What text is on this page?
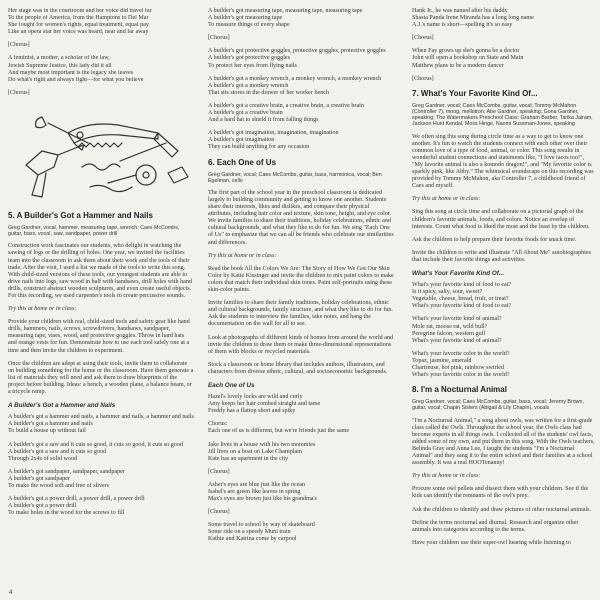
Her stage was in the courtroom and her voice did travel far
To the people of America, from the Hamptons to Del Mar
She fought for women's rights, equal treatment, equal pay
Like an opera star her voice was heard, near and far away
[Chorus]
A feminist, a mother, a scholar of the law,
Jewish Supreme Justice, this lady did it all
And maybe most important is the legacy she leaves
Do what's right and always fight—for what you believe
[Chorus]
5. A Builder's Got a Hammer and Nails
Greg Gardner, vocal, hammer, measuring tape, wrench; Caes McCombs, guitar, bass, vocal, saw, sandpaper, power drill

Construction work fascinates our students, who delight in watching the sawing of logs or the drilling of holes. One year, we invited the facilities team into the classroom to ask them about their work and the tools of their trade. After the visit, I used a list we made of the tools to write this song. With child-sized versions of these tools, our youngest students are able to drive nails into logs, saw wood in half with handsaws, drill holes with hand drills, construct abstract wooden sculptures, and even create useful objects. For this recording, we used carpenter's tools to create percussive sounds.

Try this at home or in class:

Provide your children with real, child-sized tools and safety gear like hand drills, hammers, nails, screws, screwdrivers, handsaws, sandpaper, measuring tape, vises, wood, and protective goggles. Throw in hard hats and orange vests for fun. Demonstrate how to use each tool safely one at a time and then invite the children to experiment.

Once the children are adept at using their tools, invite them to collaborate on building something for the home or the classroom. Have them generate a list of materials they will need and ask them to draw blueprints of the project before building. Ideas: a bench, a wooden plane, a balance beam, or a tricycle ramp.

A Builder's Got a Hammer and Nails
A builder's got a hammer and nails, a hammer and nails, a hammer and nails
A builder's got a hammer and nails
To build a house up without fail
A builder's got a saw and it cuts so good, it cuts so good, it cuts so good
A builder's got a saw and it cuts so good
Through 2x4s of solid wood
A builder's got sandpaper, sandpaper, sandpaper
A builder's got sandpaper
To make the wood soft and free of slivers
A builder's got a power drill, a power drill, a power drill
A builder's got a power drill
To make holes in the wood for the screws to fill
A builder's got measuring tape, measuring tape, measuring tape
A builder's got measuring tape
To measure things of every shape
[Chorus]
A builder's got protective goggles, protective goggles, protective goggles
A builder's got protective goggles
To protect her eyes from flying nails
A builder's got a monkey wrench, a monkey wrench, a monkey wrench
A builder's got a monkey wrench
That sits stores in the drawer of her worker bench
A builder's got a creative brain, a creative brain, a creative brain
A builder's got a creative brain
And a hard hat to shield it from falling things
A builder's got imagination, imagination, imagination
A builder's got imagination
They can build anything for any occasion
6. Each One of Us
Greg Gardner, vocal; Caes McCombs, guitar, bass, harmonica, vocal; Ben Egelman, cello

The first part of the school year in the preschool classroom is dedicated largely to building community and getting to know one another. Students share their interests, likes and dislikes, and compare their physical attributes, including hair color and texture, skin tone, height, and eye color. We invite families to share their traditions, holiday celebrations, ethnic and cultural backgrounds, and what they like to do for fun. We sing "Each One of Us" to emphasize that we can all be friends who celebrate our similarities and differences.

Try this at home or in class:

Read the book All the Colors We Are: The Story of How We Got Our Skin Color by Katie Kissinger and invite the children to mix paint colors to make colors that match their individual skin tones. Paint self-portraits using these skin-color paints.

Invite families to share their family traditions, holiday celebrations, ethnic and cultural backgrounds, family structure, and what they like to do for fun. Ask the students to interview the families, take notes, and hang the documentation on the wall for all to see.

Look at photographs of different kinds of homes from around the world and invite the children to draw them or make three-dimensional representations of them with blocks or recycled materials.

Stock a classroom or home library that includes authors, illustrators, and characters from diverse ethnic, cultural, and socioeconomic backgrounds.

Each One of Us
Hazel's lovely locks are wild and curly
Amy keeps her hair combed straight and tame
Freddy has a flattop short and spiky
Chorus:
Each one of us is different, but we're friends just the same
Jake lives in a house with his two mommies
Jill lives on a boat on Lake Champlain
Kate has an apartment in the city
[Chorus]
Asher's eyes are blue just like the ocean
Isabel's are green like leaves in spring
Max's eyes are brown just like his grandma's
[Chorus]
Some travel to school by way of skateboard
Some ride on a speedy Muni train
Kathie and Katrina come by carpool
Hank Jr., he was named after his daddy
Shasta Panda Irene Miranda has a long long name
A.J.'s name is short—spelling it's so easy
[Chorus]
When Fay grows up she's gonna be a doctor
John will open a bookshop on State and Main
Matthew plans to be a modern dancer
[Chorus]
7. What's Your Favorite Kind Of...
Greg Gardner, vocal; Caes McCombs, guitar, vocal; Tommy McMahon (Controller 7), moog, mellotron; Abe Gardner, speaking; Gona Gardner, speaking; The Watermakers Preschool Class: Graham Barber, Tarika Jairam, Jackson Hunt Kendal, Moss Hinge, Naomi Sussman-Jones, speaking

We often sing this song during circle time as a way to get to know one another. It's fun to watch the students connect with each other over their common love of a type of food, animal, or color. This song results in wonderful student connections and statements like, "I love tacos too!", "My favorite animal is also a komodo dragon!", and "My favorite color is sparkly pink, like Abby." The whimsical soundscape on this recording was provided by Tommy McMahon, aka Controller 7, a childhood friend of Caes and myself.

Try this at home or in class:

Sing this song at circle time and collaborate on a pictorial graph of the children's favorite animals, foods, and colors. Notice an overlap of interests. Count what food is liked the most and the least by the children.

Ask the children to help prepare their favorite foods for snack time.

Invite the children to write and illustrate "All About Me" autobiographies that include their favorite things and activities.

What's Your Favorite Kind Of...
What's your favorite kind of food to eat?
Is it spicy, salty, sour, sweet?
Vegetable, cheese, bread, fruit, or treat?
What's your favorite kind of food to eat?
What's your favorite kind of animal?
Mole rat, moose rat, wild bull?
Peregrine falcon, western gull
What's your favorite kind of animal?
What's your favorite color in the world?
Topaz, jasmine, emerald
Chartreuse, hot pink, rainbow swirled
What's your favorite color in the world?
8. I'm a Nocturnal Animal
Greg Gardner, vocal; Caes McCombs, guitar, bass, vocal; Jeremy Brown, guitar, vocal; Chapin Sisters (Abigail & Lily Chapin), vocals

"I'm a Nocturnal Animal," a song about owls, was written for a first-grade class called the Owls. Throughout the school year, the Owls class had become experts in all things owls. I collected all of the students' owl facts, added some of my own, and put them in this song. With the Owls teachers, Belinda Gray and Anna Lee, I taught the students "I'm a Nocturnal Animal" and they sang it to the entire school and their families at a school assembly. It was a real HOOTenanny!

Try this at home or in class:

Procure some owl pellets and dissect them with your children. See if the kids can identify the remnants of the owl's prey.

Ask the children to identify and draw pictures of other nocturnal animals.

Define the terms nocturnal and diurnal. Research and organize other animals into categories according to the terms.

Have your children use their super-owl hearing while listening to

4
